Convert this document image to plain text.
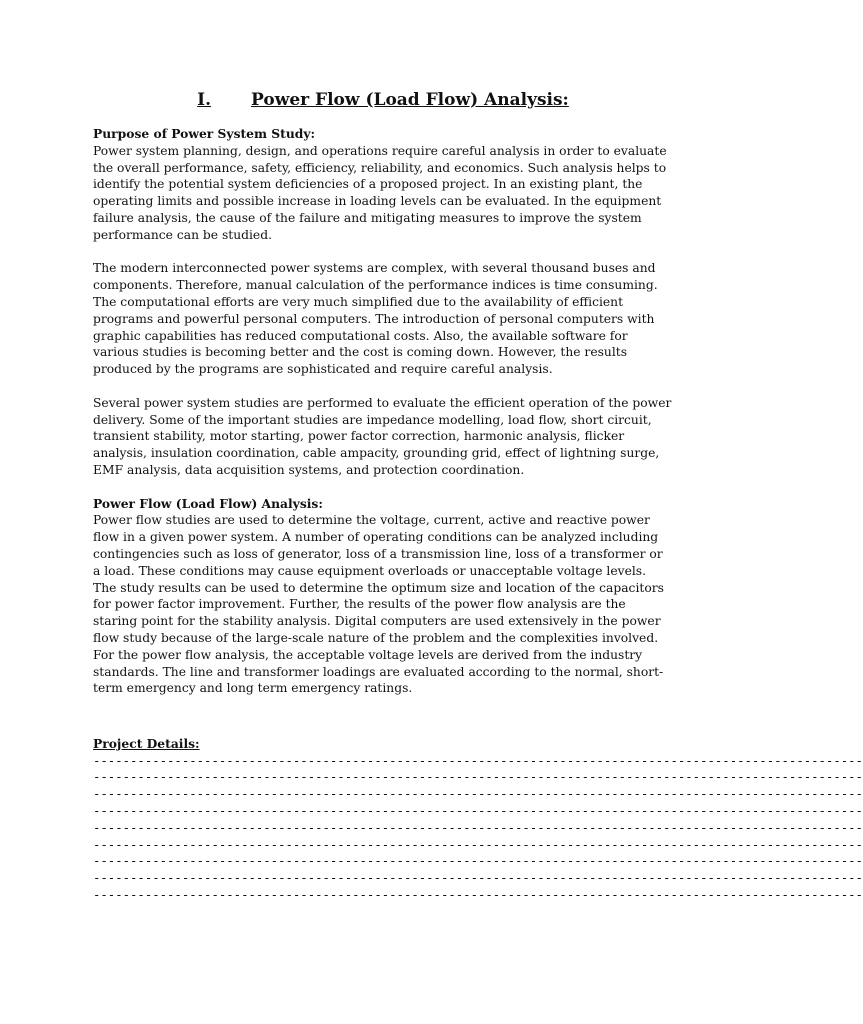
I. Power Flow (Load Flow) Analysis:

Purpose of Power System Study:

Power system planning, design, and operations require careful analysis in order to evaluate the overall performance, safety, efficiency, reliability, and economics. Such analysis helps to identify the potential system deficiencies of a proposed project. In an existing plant, the operating limits and possible increase in loading levels can be evaluated. In the equipment failure analysis, the cause of the failure and mitigating measures to improve the system performance can be studied.

The modern interconnected power systems are complex, with several thousand buses and components. Therefore, manual calculation of the performance indices is time consuming. The computational efforts are very much simplified due to the availability of efficient programs and powerful personal computers. The introduction of personal computers with graphic capabilities has reduced computational costs. Also, the available software for various studies is becoming better and the cost is coming down. However, the results produced by the programs are sophisticated and require careful analysis.

Several power system studies are performed to evaluate the efficient operation of the power delivery. Some of the important studies are impedance modelling, load flow, short circuit, transient stability, motor starting, power factor correction, harmonic analysis, flicker analysis, insulation coordination, cable ampacity, grounding grid, effect of lightning surge, EMF analysis, data acquisition systems, and protection coordination.

Power Flow (Load Flow) Analysis:

Power flow studies are used to determine the voltage, current, active and reactive power flow in a given power system. A number of operating conditions can be analyzed including contingencies such as loss of generator, loss of a transmission line, loss of a transformer or a load. These conditions may cause equipment overloads or unacceptable voltage levels. The study results can be used to determine the optimum size and location of the capacitors for power factor improvement. Further, the results of the power flow analysis are the staring point for the stability analysis. Digital computers are used extensively in the power flow study because of the large-scale nature of the problem and the complexities involved. For the power flow analysis, the acceptable voltage levels are derived from the industry standards. The line and transformer loadings are evaluated according to the normal, short-term emergency and long term emergency ratings.

Project Details:

--------------------------------------------------------------------------------------------------------
--------------------------------------------------------------------------------------------------------
--------------------------------------------------------------------------------------------------------
--------------------------------------------------------------------------------------------------------
--------------------------------------------------------------------------------------------------------
--------------------------------------------------------------------------------------------------------
--------------------------------------------------------------------------------------------------------
--------------------------------------------------------------------------------------------------------
--------------------------------------------------------------------------------------------------------
